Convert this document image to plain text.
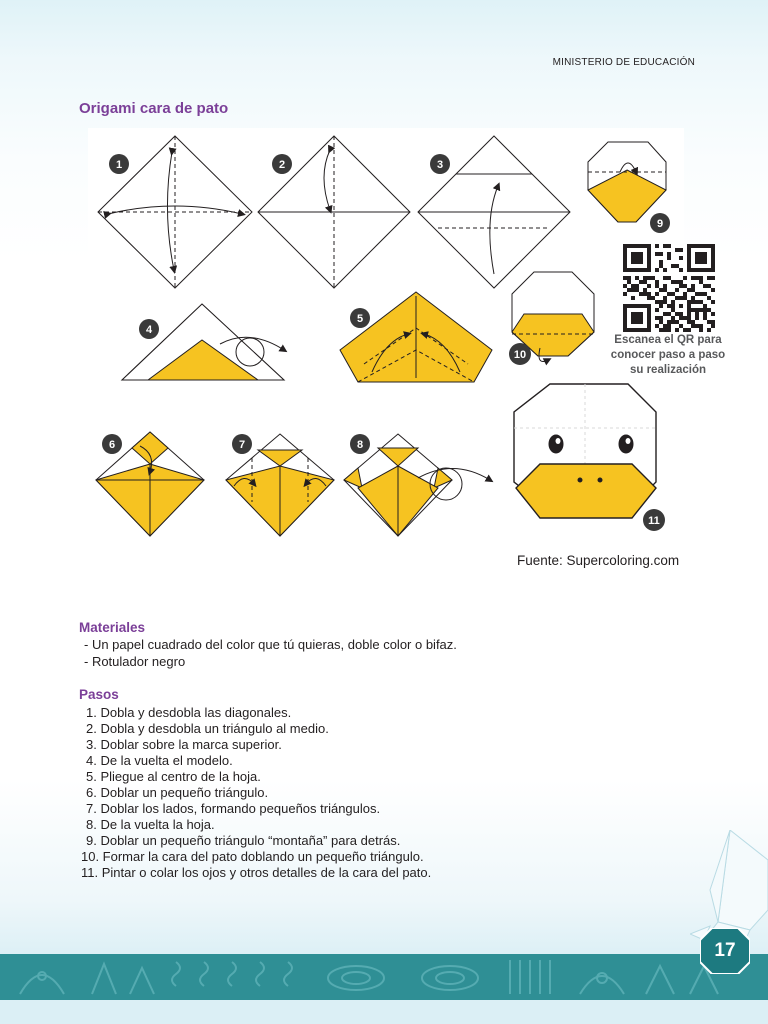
MINISTERIO DE EDUCACIÓN
Origami cara de pato
1	2	3
4
5
6	7	8
9
10
11
Escanea el QR para
conocer paso a paso
su realización
Fuente: Supercoloring.com
Materiales
- Un papel cuadrado del color que tú quieras, doble color o bifaz.
- Rotulador negro
Pasos
1. Dobla y desdobla las diagonales.
2. Dobla y desdobla un triángulo al medio.
3. Doblar sobre la marca superior.
4. De la vuelta el modelo.
5. Pliegue al centro de la hoja.
6. Doblar un pequeño triángulo.
7. Doblar los lados, formando pequeños triángulos.
8. De la vuelta la hoja.
9. Doblar un pequeño triángulo “montaña” para detrás.
10. Formar la cara del pato doblando un pequeño triángulo.
11. Pintar o colar los ojos y otros detalles de la cara del pato.
17
